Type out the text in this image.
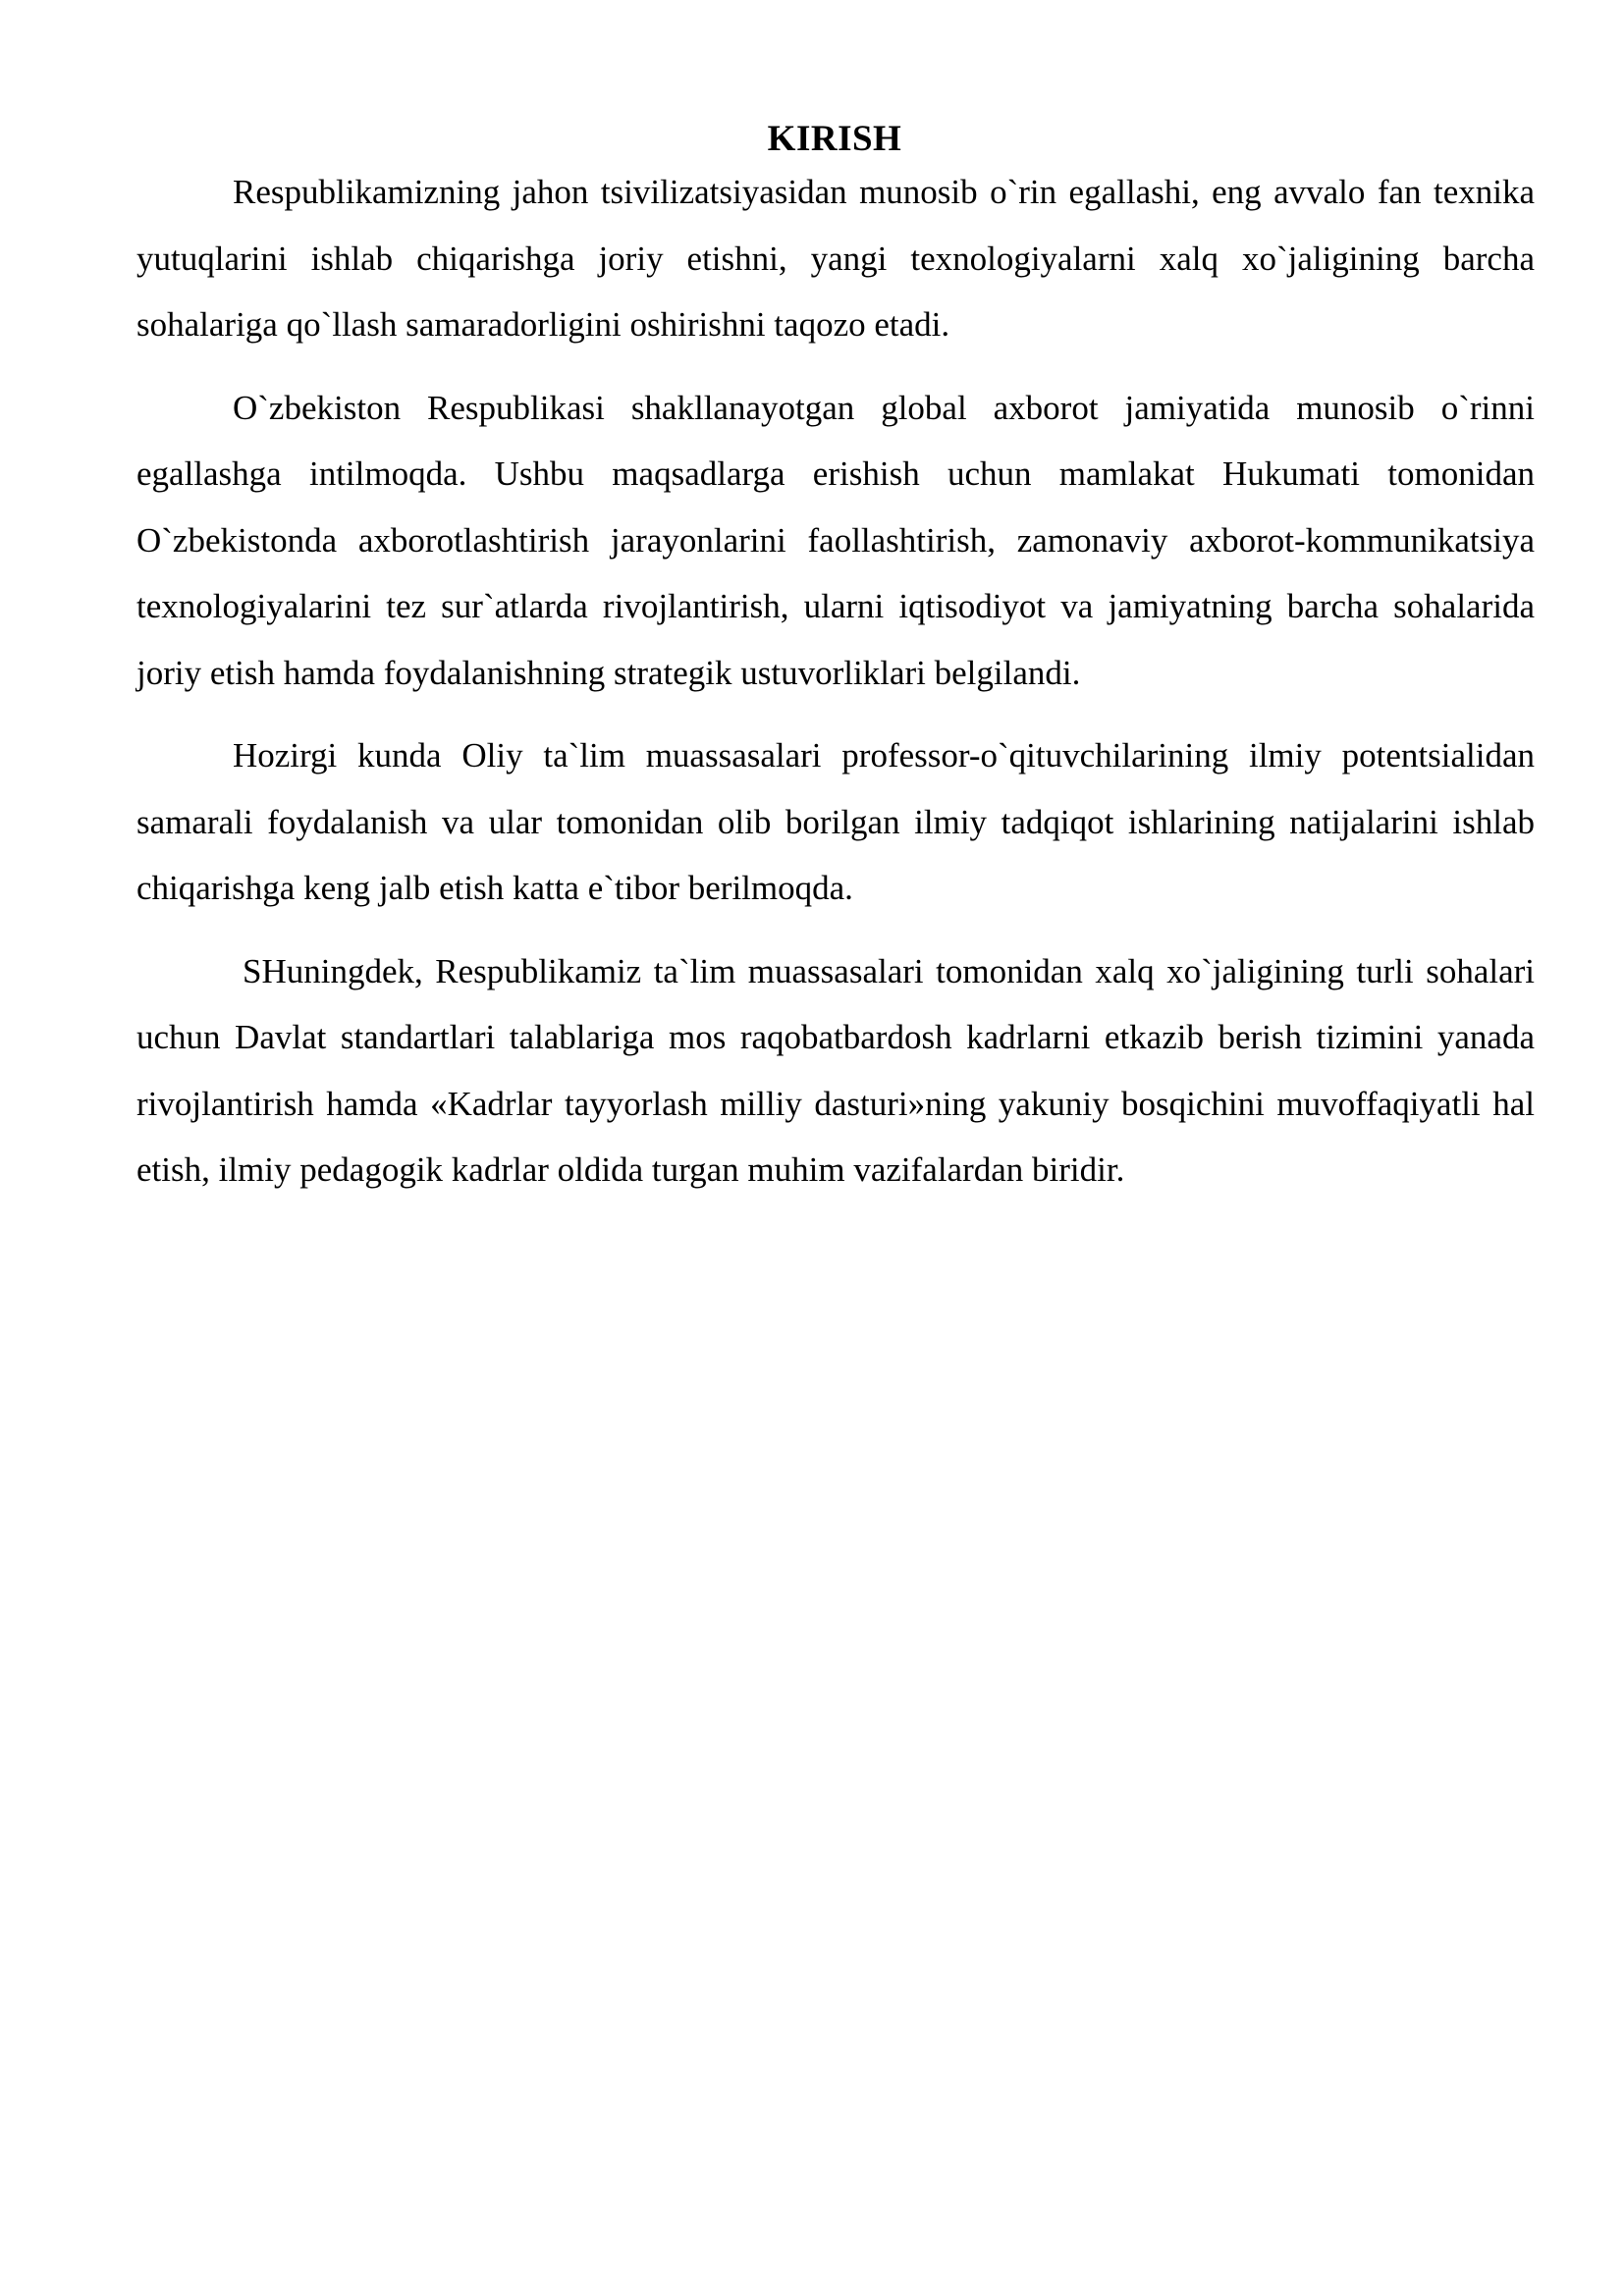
KIRISH

Respublikamizning jahon tsivilizatsiyasidan munosib o`rin egallashi, eng avvalo fan texnika yutuqlarini ishlab chiqarishga joriy etishni, yangi texnologiyalarni xalq xo`jaligining barcha sohalariga qo`llash samaradorligini oshirishni taqozo etadi.

O`zbekiston Respublikasi shakllanayotgan global axborot jamiyatida munosib o`rinni egallashga intilmoqda. Ushbu maqsadlarga erishish uchun mamlakat Hukumati tomonidan O`zbekistonda axborotlashtirish jarayonlarini faollashtirish, zamonaviy axborot-kommunikatsiya texnologiyalarini tez sur`atlarda rivojlantirish, ularni iqtisodiyot va jamiyatning barcha sohalarida joriy etish hamda foydalanishning strategik ustuvorliklari belgilandi.

Hozirgi kunda Oliy ta`lim muassasalari professor-o`qituvchilarining ilmiy potentsialidan samarali foydalanish va ular tomonidan olib borilgan ilmiy tadqiqot ishlarining natijalarini ishlab chiqarishga keng jalb etish katta e`tibor berilmoqda.

SHuningdek, Respublikamiz ta`lim muassasalari tomonidan xalq xo`jaligining turli sohalari uchun Davlat standartlari talablariga mos raqobatbardosh kadrlarni etkazib berish tizimini yanada rivojlantirish hamda «Kadrlar tayyorlash milliy dasturi»ning yakuniy bosqichini muvoffaqiyatli hal etish, ilmiy pedagogik kadrlar oldida turgan muhim vazifalardan biridir.
